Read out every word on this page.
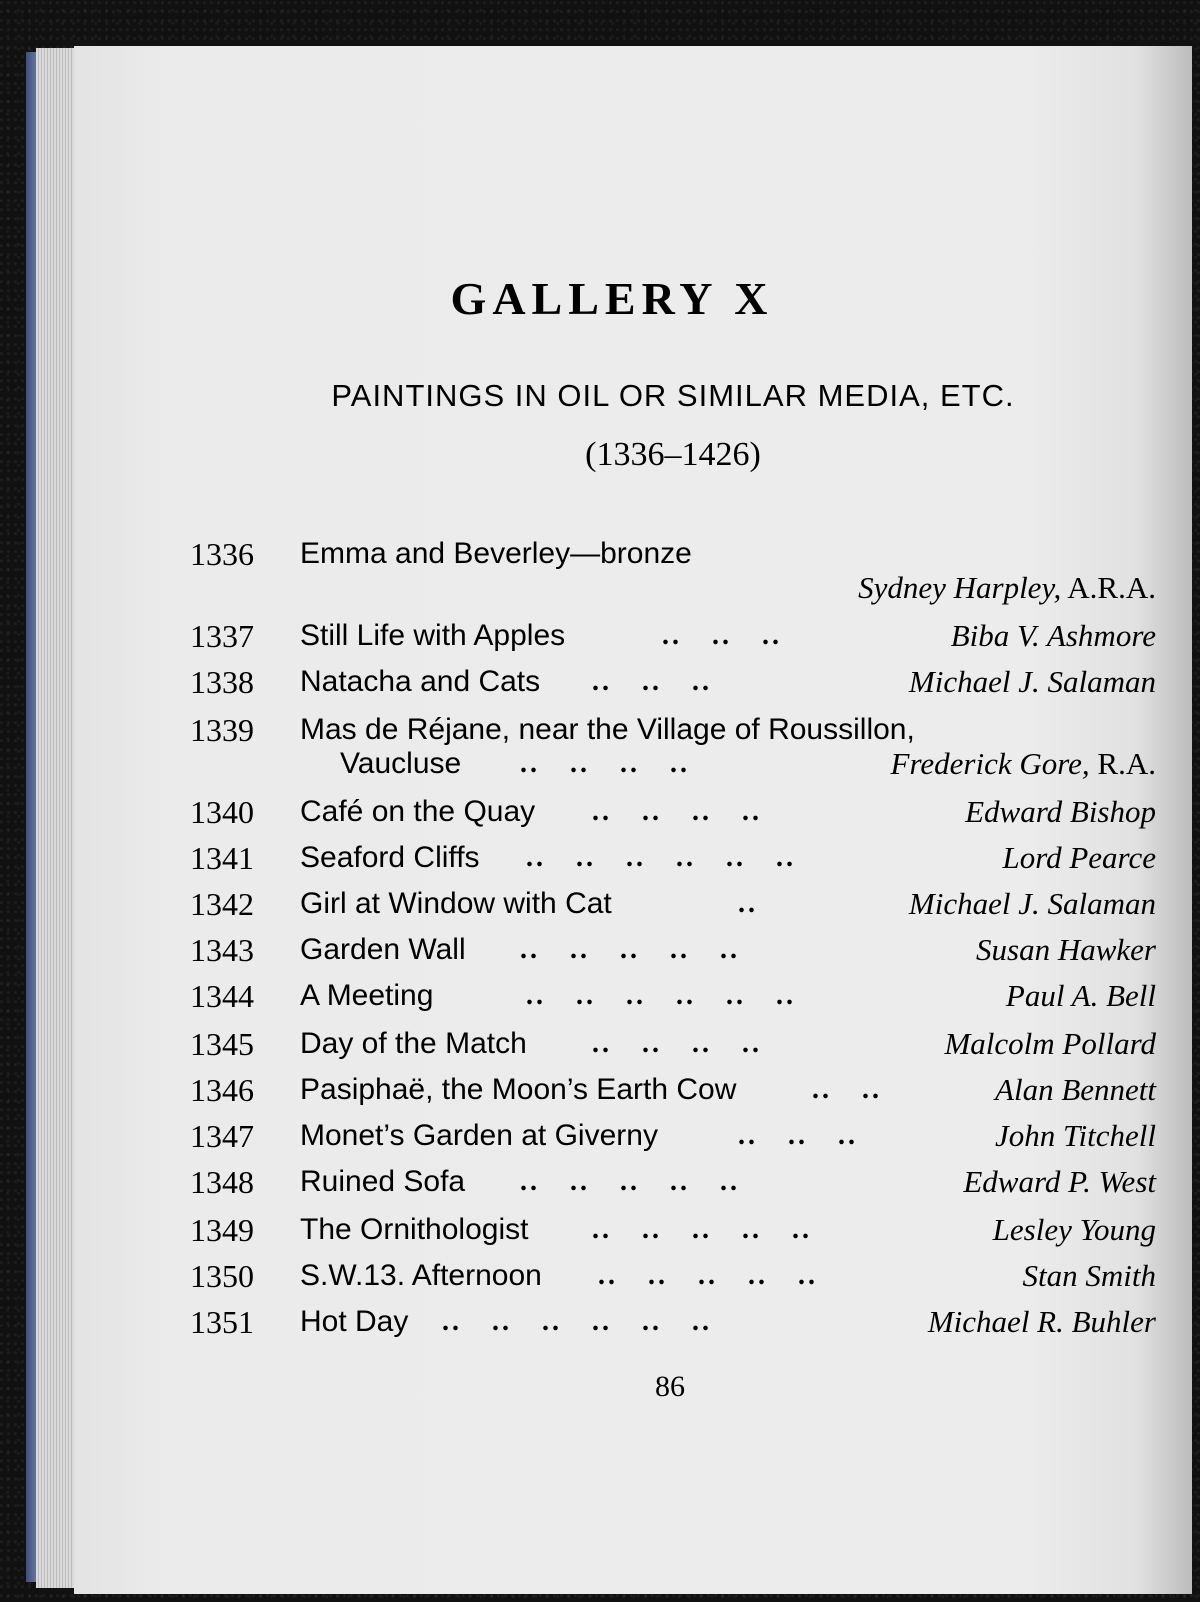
GALLERY X
PAINTINGS IN OIL OR SIMILAR MEDIA, ETC.
(1336–1426)
1336	Emma and Beverley—bronze
Sydney Harpley, A.R.A.
1337	Still Life with Apples	..   ..   ..	Biba V. Ashmore
1338	Natacha and Cats ..   ..   ..	Michael J. Salaman
1339	Mas de Réjane, near the Village of Roussillon,
Vaucluse ..   ..   ..   ..	Frederick Gore, R.A.
1340	Café on the Quay ..   ..   ..   ..	Edward Bishop
1341	Seaford Cliffs ..   ..   ..   ..   ..   ..	Lord Pearce
1342	Girl at Window with Cat	..	Michael J. Salaman
1343	Garden Wall ..   ..   ..   ..   ..	Susan Hawker
1344	A Meeting	..   ..   ..   ..   ..   ..	Paul A. Bell
1345	Day of the Match ..   ..   ..   ..	Malcolm Pollard
1346	Pasiphaë, the Moon’s Earth Cow	..   ..	Alan Bennett
1347	Monet’s Garden at Giverny	..   ..   ..	John Titchell
1348	Ruined Sofa ..   ..   ..   ..   ..	Edward P. West
1349	The Ornithologist ..   ..   ..   ..   ..	Lesley Young
1350	S.W.13. Afternoon ..   ..   ..   ..   ..	Stan Smith
1351	Hot Day ..   ..   ..   ..   ..   ..	Michael R. Buhler
86
